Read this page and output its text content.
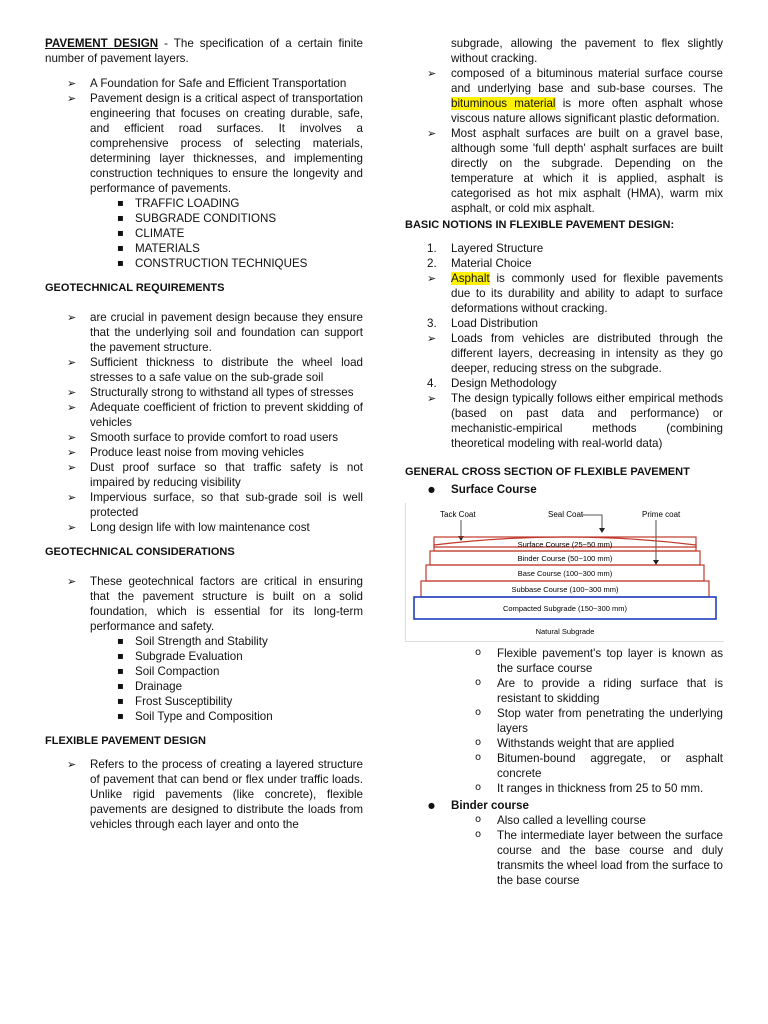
PAVEMENT DESIGN - The specification of a certain finite number of pavement layers.
➢ A Foundation for Safe and Efficient Transportation
➢ Pavement design is a critical aspect of transportation engineering that focuses on creating durable, safe, and efficient road surfaces. It involves a comprehensive process of selecting materials, determining layer thicknesses, and implementing construction techniques to ensure the longevity and performance of pavements.
▪ TRAFFIC LOADING
▪ SUBGRADE CONDITIONS
▪ CLIMATE
▪ MATERIALS
▪ CONSTRUCTION TECHNIQUES
GEOTECHNICAL REQUIREMENTS
➢ are crucial in pavement design because they ensure that the underlying soil and foundation can support the pavement structure.
➢ Sufficient thickness to distribute the wheel load stresses to a safe value on the sub-grade soil
➢ Structurally strong to withstand all types of stresses
➢ Adequate coefficient of friction to prevent skidding of vehicles
➢ Smooth surface to provide comfort to road users
➢ Produce least noise from moving vehicles
➢ Dust proof surface so that traffic safety is not impaired by reducing visibility
➢ Impervious surface, so that sub-grade soil is well protected
➢ Long design life with low maintenance cost
GEOTECHNICAL CONSIDERATIONS
➢ These geotechnical factors are critical in ensuring that the pavement structure is built on a solid foundation, which is essential for its long-term performance and safety.
▪ Soil Strength and Stability
▪ Subgrade Evaluation
▪ Soil Compaction
▪ Drainage
▪ Frost Susceptibility
▪ Soil Type and Composition
FLEXIBLE PAVEMENT DESIGN
➢ Refers to the process of creating a layered structure of pavement that can bend or flex under traffic loads. Unlike rigid pavements (like concrete), flexible pavements are designed to distribute the loads from vehicles through each layer and onto the
subgrade, allowing the pavement to flex slightly without cracking.
➢ composed of a bituminous material surface course and underlying base and sub-base courses. The bituminous material is more often asphalt whose viscous nature allows significant plastic deformation.
➢ Most asphalt surfaces are built on a gravel base, although some 'full depth' asphalt surfaces are built directly on the subgrade. Depending on the temperature at which it is applied, asphalt is categorised as hot mix asphalt (HMA), warm mix asphalt, or cold mix asphalt.
BASIC NOTIONS IN FLEXIBLE PAVEMENT DESIGN:
1. Layered Structure
2. Material Choice
➢ Asphalt is commonly used for flexible pavements due to its durability and ability to adapt to surface deformations without cracking.
3. Load Distribution
➢ Loads from vehicles are distributed through the different layers, decreasing in intensity as they go deeper, reducing stress on the subgrade.
4. Design Methodology
➢ The design typically follows either empirical methods (based on past data and performance) or mechanistic-empirical methods (combining theoretical modeling with real-world data)
GENERAL CROSS SECTION OF FLEXIBLE PAVEMENT
● Surface Course
Tack Coat	Seal Coat	Prime coat
Surface Course (25~50 mm)
Binder Course (50~100 mm)
Base Course (100~300 mm)
Subbase Course (100~300 mm)
Compacted Subgrade (150~300 mm)
Natural Subgrade
o Flexible pavement's top layer is known as the surface course
o Are to provide a riding surface that is resistant to skidding
o Stop water from penetrating the underlying layers
o Withstands weight that are applied
o Bitumen-bound aggregate, or asphalt concrete
o It ranges in thickness from 25 to 50 mm.
● Binder course
o Also called a levelling course
o The intermediate layer between the surface course and the base course and duly transmits the wheel load from the surface to the base course
